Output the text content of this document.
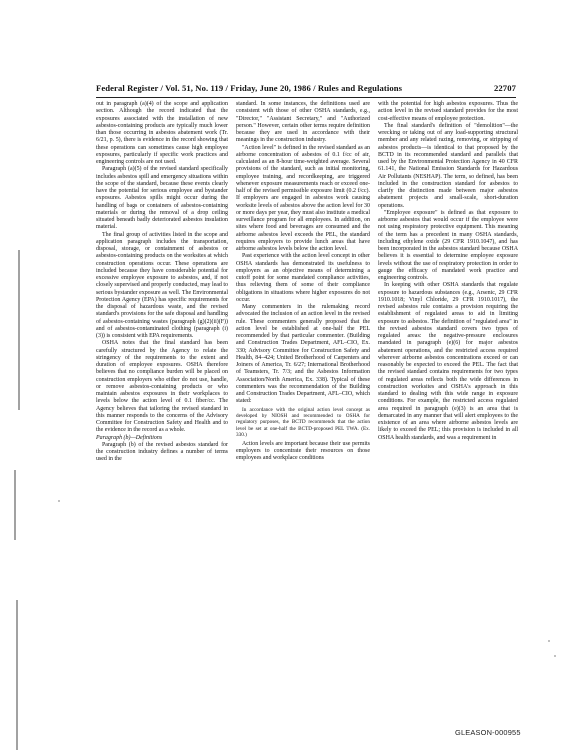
Federal Register / Vol. 51, No. 119 / Friday, June 20, 1986 / Rules and Regulations	22707

out in paragraph (a)(4) of the scope and application section. Although the record indicated that the exposures associated with the installation of new asbestos-containing products are typically much lower than those occurring in asbestos abatement work (Tr. 6/21, p. 5), there is evidence in the record showing that these operations can sometimes cause high employee exposures, particularly if specific work practices and engineering controls are not used.

Paragraph (a)(5) of the revised standard specifically includes asbestos spill and emergency situations within the scope of the standard, because these events clearly have the potential for serious employee and bystander exposures. Asbestos spills might occur during the handling of bags or containers of asbestos-containing materials or during the removal of a drop ceiling situated beneath badly deteriorated asbestos insulation material.

The final group of activities listed in the scope and application paragraph includes the transportation, disposal, storage, or containment of asbestos or asbestos-containing products on the worksites at which construction operations occur. These operations are included because they have considerable potential for excessive employee exposure to asbestos, and, if not closely supervised and properly conducted, may lead to serious bystander exposure as well. The Environmental Protection Agency (EPA) has specific requirements for the disposal of hazardous waste, and the revised standard's provisions for the safe disposal and handling of asbestos-containing wastes (paragraph (g)(2)(ii)(F)) and of asbestos-contaminated clothing (paragraph (i)(3)) is consistent with EPA requirements.

OSHA notes that the final standard has been carefully structured by the Agency to relate the stringency of the requirements to the extent and duration of employee exposures. OSHA therefore believes that no compliance burden will be placed on construction employers who either do not use, handle, or remove asbestos-containing products or who maintain asbestos exposures in their workplaces to levels below the action level of 0.1 fiber/cc. The Agency believes that tailoring the revised standard in this manner responds to the concerns of the Advisory Committee for Construction Safety and Health and to the evidence in the record as a whole.

Paragraph (b)—Definitions

Paragraph (b) of the revised asbestos standard for the construction industry defines a number of terms used in the

standard. In some instances, the definitions used are consistent with those of other OSHA standards, e.g., "Director," "Assistant Secretary," and "Authorized person." However, certain other terms require definition because they are used in accordance with their meanings in the construction industry.

"Action level" is defined in the revised standard as an airborne concentration of asbestos of 0.1 f/cc of air, calculated as an 8-hour time-weighted average. Several provisions of the standard, such as initial monitoring, employee training, and recordkeeping, are triggered whenever exposure measurements reach or exceed one-half of the revised permissible exposure limit (0.2 f/cc). If employers are engaged in asbestos work causing worksite levels of asbestos above the action level for 30 or more days per year, they must also institute a medical surveillance program for all employees. In addition, on sites where food and beverages are consumed and the airborne asbestos level exceeds the PEL, the standard requires employers to provide lunch areas that have airborne asbestos levels below the action level.

Past experience with the action level concept in other OSHA standards has demonstrated its usefulness to employers as an objective means of determining a cutoff point for some mandated compliance activities, thus relieving them of some of their compliance obligations in situations where higher exposures do not occur.

Many commenters in the rulemaking record advocated the inclusion of an action level in the revised rule. These commenters generally proposed that the action level be established at one-half the PEL recommended by that particular commenter. (Building and Construction Trades Department, AFL–CIO, Ex. 330; Advisory Committee for Construction Safety and Health, 84–424; United Brotherhood of Carpenters and Joiners of America, Tr. 6/27; International Brotherhood of Teamsters, Tr. 7/3; and the Asbestos Information Association/North America, Ex. 338). Typical of these commenters was the recommendation of the Building and Construction Trades Department, AFL–CIO, which stated:

In accordance with the original action level concept as developed by NIOSH and recommended to OSHA for regulatory purposes, the BCTD recommends that the action level be set at one-half the BCTD-proposed PEL TWA. (Ex. 330.)

Action levels are important because their use permits employers to concentrate their resources on those employees and workplace conditions

with the potential for high asbestos exposures. Thus the action level in the revised standard provides for the most cost-effective means of employee protection.

The final standard's definition of "demolition"—the wrecking or taking out of any load-supporting structural member and any related razing, removing, or stripping of asbestos products—is identical to that proposed by the BCTD in its recommended standard and parallels that used by the Environmental Protection Agency in 40 CFR 61.141, the National Emission Standards for Hazardous Air Pollutants (NESHAP). The term, so defined, has been included in the construction standard for asbestos to clarify the distinction made between major asbestos abatement projects and small-scale, short-duration operations.

"Employee exposure" is defined as that exposure to airborne asbestos that would occur if the employee were not using respiratory protective equipment. This meaning of the term has a precedent in many OSHA standards, including ethylene oxide (29 CFR 1910.1047), and has been incorporated in the asbestos standard because OSHA believes it is essential to determine employee exposure levels without the use of respiratory protection in order to gauge the efficacy of mandated work practice and engineering controls.

In keeping with other OSHA standards that regulate exposure to hazardous substances (e.g., Arsenic, 29 CFR 1910.1018; Vinyl Chloride, 29 CFR 1910.1017), the revised asbestos rule contains a provision requiring the establishment of regulated areas to aid in limiting exposure to asbestos. The definition of "regulated area" in the revised asbestos standard covers two types of regulated areas: the negative-pressure enclosures mandated in paragraph (e)(6) for major asbestos abatement operations, and the restricted access required wherever airborne asbestos concentrations exceed or can reasonably be expected to exceed the PEL. The fact that the revised standard contains requirements for two types of regulated areas reflects both the wide differences in construction worksites and OSHA's approach in this standard to dealing with this wide range in exposure conditions. For example, the restricted access regulated area required in paragraph (e)(3) is an area that is demarcated in any manner that will alert employees to the existence of an area where airborne asbestos levels are likely to exceed the PEL; this provision is included in all OSHA health standards, and was a requirement in

GLEASON-000955
